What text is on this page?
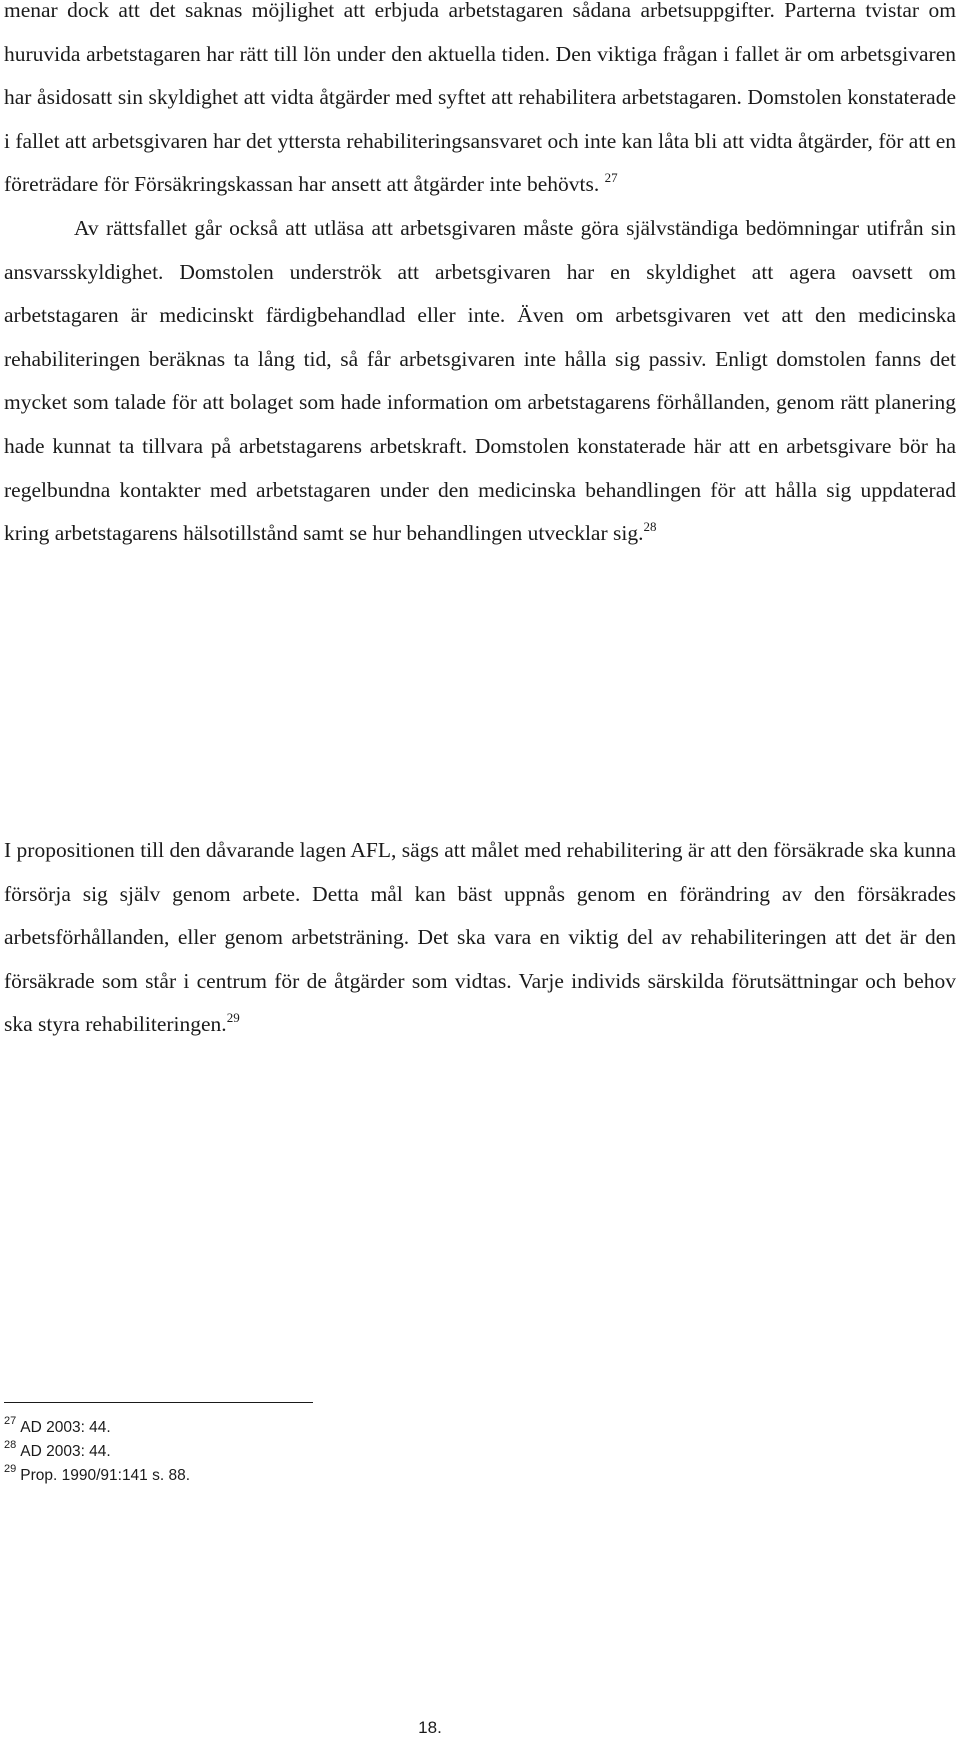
menar dock att det saknas möjlighet att erbjuda arbetstagaren sådana arbetsuppgifter. Parterna tvistar om huruvida arbetstagaren har rätt till lön under den aktuella tiden. Den viktiga frågan i fallet är om arbetsgivaren har åsidosatt sin skyldighet att vidta åtgärder med syftet att rehabilitera arbetstagaren. Domstolen konstaterade i fallet att arbetsgivaren har det yttersta rehabiliteringsansvaret och inte kan låta bli att vidta åtgärder, för att en företrädare för Försäkringskassan har ansett att åtgärder inte behövts. $^{27}$
Av rättsfallet går också att utläsa att arbetsgivaren måste göra självständiga bedömningar utifrån sin ansvarsskyldighet. Domstolen underströk att arbetsgivaren har en skyldighet att agera oavsett om arbetstagaren är medicinskt färdigbehandlad eller inte. Även om arbetsgivaren vet att den medicinska rehabiliteringen beräknas ta lång tid, så får arbetsgivaren inte hålla sig passiv. Enligt domstolen fanns det mycket som talade för att bolaget som hade information om arbetstagarens förhållanden, genom rätt planering hade kunnat ta tillvara på arbetstagarens arbetskraft. Domstolen konstaterade här att en arbetsgivare bör ha regelbundna kontakter med arbetstagaren under den medicinska behandlingen för att hålla sig uppdaterad kring arbetstagarens hälsotillstånd samt se hur behandlingen utvecklar sig.$^{28}$

I propositionen till den dåvarande lagen AFL, sägs att målet med rehabilitering är att den försäkrade ska kunna försörja sig själv genom arbete. Detta mål kan bäst uppnås genom en förändring av den försäkrades arbetsförhållanden, eller genom arbetsträning. Det ska vara en viktig del av rehabiliteringen att det är den försäkrade som står i centrum för de åtgärder som vidtas. Varje individs särskilda förutsättningar och behov ska styra rehabiliteringen.$^{29}$

$^{27}$ AD 2003: 44.
$^{28}$ AD 2003: 44.
$^{29}$ Prop. 1990/91:141 s. 88.
18.
